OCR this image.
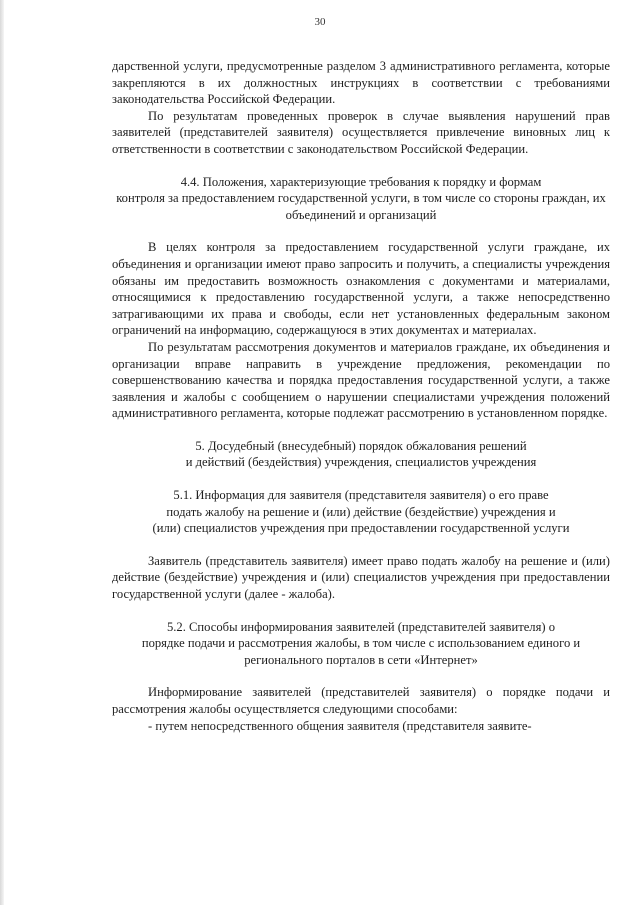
30

дарственной услуги, предусмотренные разделом 3 административного регламента, которые закрепляются в их должностных инструкциях в соответствии с требованиями законодательства Российской Федерации.

По результатам проведенных проверок в случае выявления нарушений прав заявителей (представителей заявителя) осуществляется привлечение виновных лиц к ответственности в соответствии с законодательством Российской Федерации.

4.4. Положения, характеризующие требования к порядку и формам

контроля за предоставлением государственной услуги, в том числе со стороны граждан, их объединений и организаций

В целях контроля за предоставлением государственной услуги граждане, их объединения и организации имеют право запросить и получить, а специалисты учреждения обязаны им предоставить возможность ознакомления с документами и материалами, относящимися к предоставлению государственной услуги, а также непосредственно затрагивающими их права и свободы, если нет установленных федеральным законом ограничений на информацию, содержащуюся в этих документах и материалах.

По результатам рассмотрения документов и материалов граждане, их объединения и организации вправе направить в учреждение предложения, рекомендации по совершенствованию качества и порядка предоставления государственной услуги, а также заявления и жалобы с сообщением о нарушении специалистами учреждения положений административного регламента, которые подлежат рассмотрению в установленном порядке.

5. Досудебный (внесудебный) порядок обжалования решений

и действий (бездействия) учреждения, специалистов учреждения

5.1. Информация для заявителя (представителя заявителя) о его праве

подать жалобу на решение и (или) действие (бездействие) учреждения и

(или) специалистов учреждения при предоставлении государственной услуги

Заявитель (представитель заявителя) имеет право подать жалобу на решение и (или) действие (бездействие) учреждения и (или) специалистов учреждения при предоставлении государственной услуги (далее - жалоба).

5.2. Способы информирования заявителей (представителей заявителя) о

порядке подачи и рассмотрения жалобы, в том числе с использованием единого и регионального порталов в сети «Интернет»

Информирование заявителей (представителей заявителя) о порядке подачи и рассмотрения жалобы осуществляется следующими способами:

- путем непосредственного общения заявителя (представителя заявите-
